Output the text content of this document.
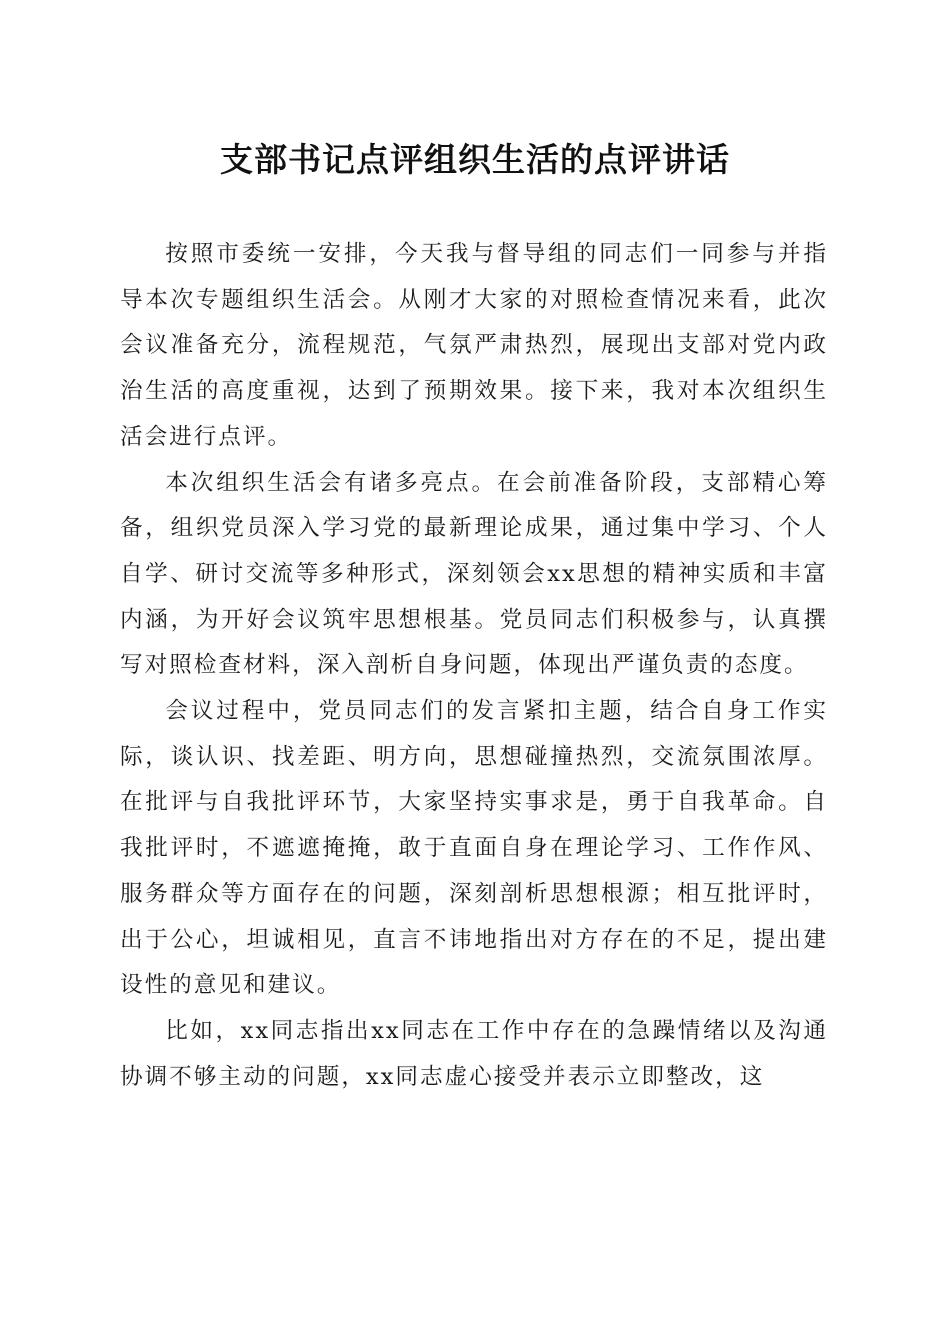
支部书记点评组织生活的点评讲话

按照市委统一安排，今天我与督导组的同志们一同参与并指导本次专题组织生活会。从刚才大家的对照检查情况来看，此次会议准备充分，流程规范，气氛严肃热烈，展现出支部对党内政治生活的高度重视，达到了预期效果。接下来，我对本次组织生活会进行点评。

本次组织生活会有诸多亮点。在会前准备阶段，支部精心筹备，组织党员深入学习党的最新理论成果，通过集中学习、个人自学、研讨交流等多种形式，深刻领会xx思想的精神实质和丰富内涵，为开好会议筑牢思想根基。党员同志们积极参与，认真撰写对照检查材料，深入剖析自身问题，体现出严谨负责的态度。

会议过程中，党员同志们的发言紧扣主题，结合自身工作实际，谈认识、找差距、明方向，思想碰撞热烈，交流氛围浓厚。在批评与自我批评环节，大家坚持实事求是，勇于自我革命。自我批评时，不遮遮掩掩，敢于直面自身在理论学习、工作作风、服务群众等方面存在的问题，深刻剖析思想根源；相互批评时，出于公心，坦诚相见，直言不讳地指出对方存在的不足，提出建设性的意见和建议。

比如，xx同志指出xx同志在工作中存在的急躁情绪以及沟通协调不够主动的问题，xx同志虚心接受并表示立即整改，这
